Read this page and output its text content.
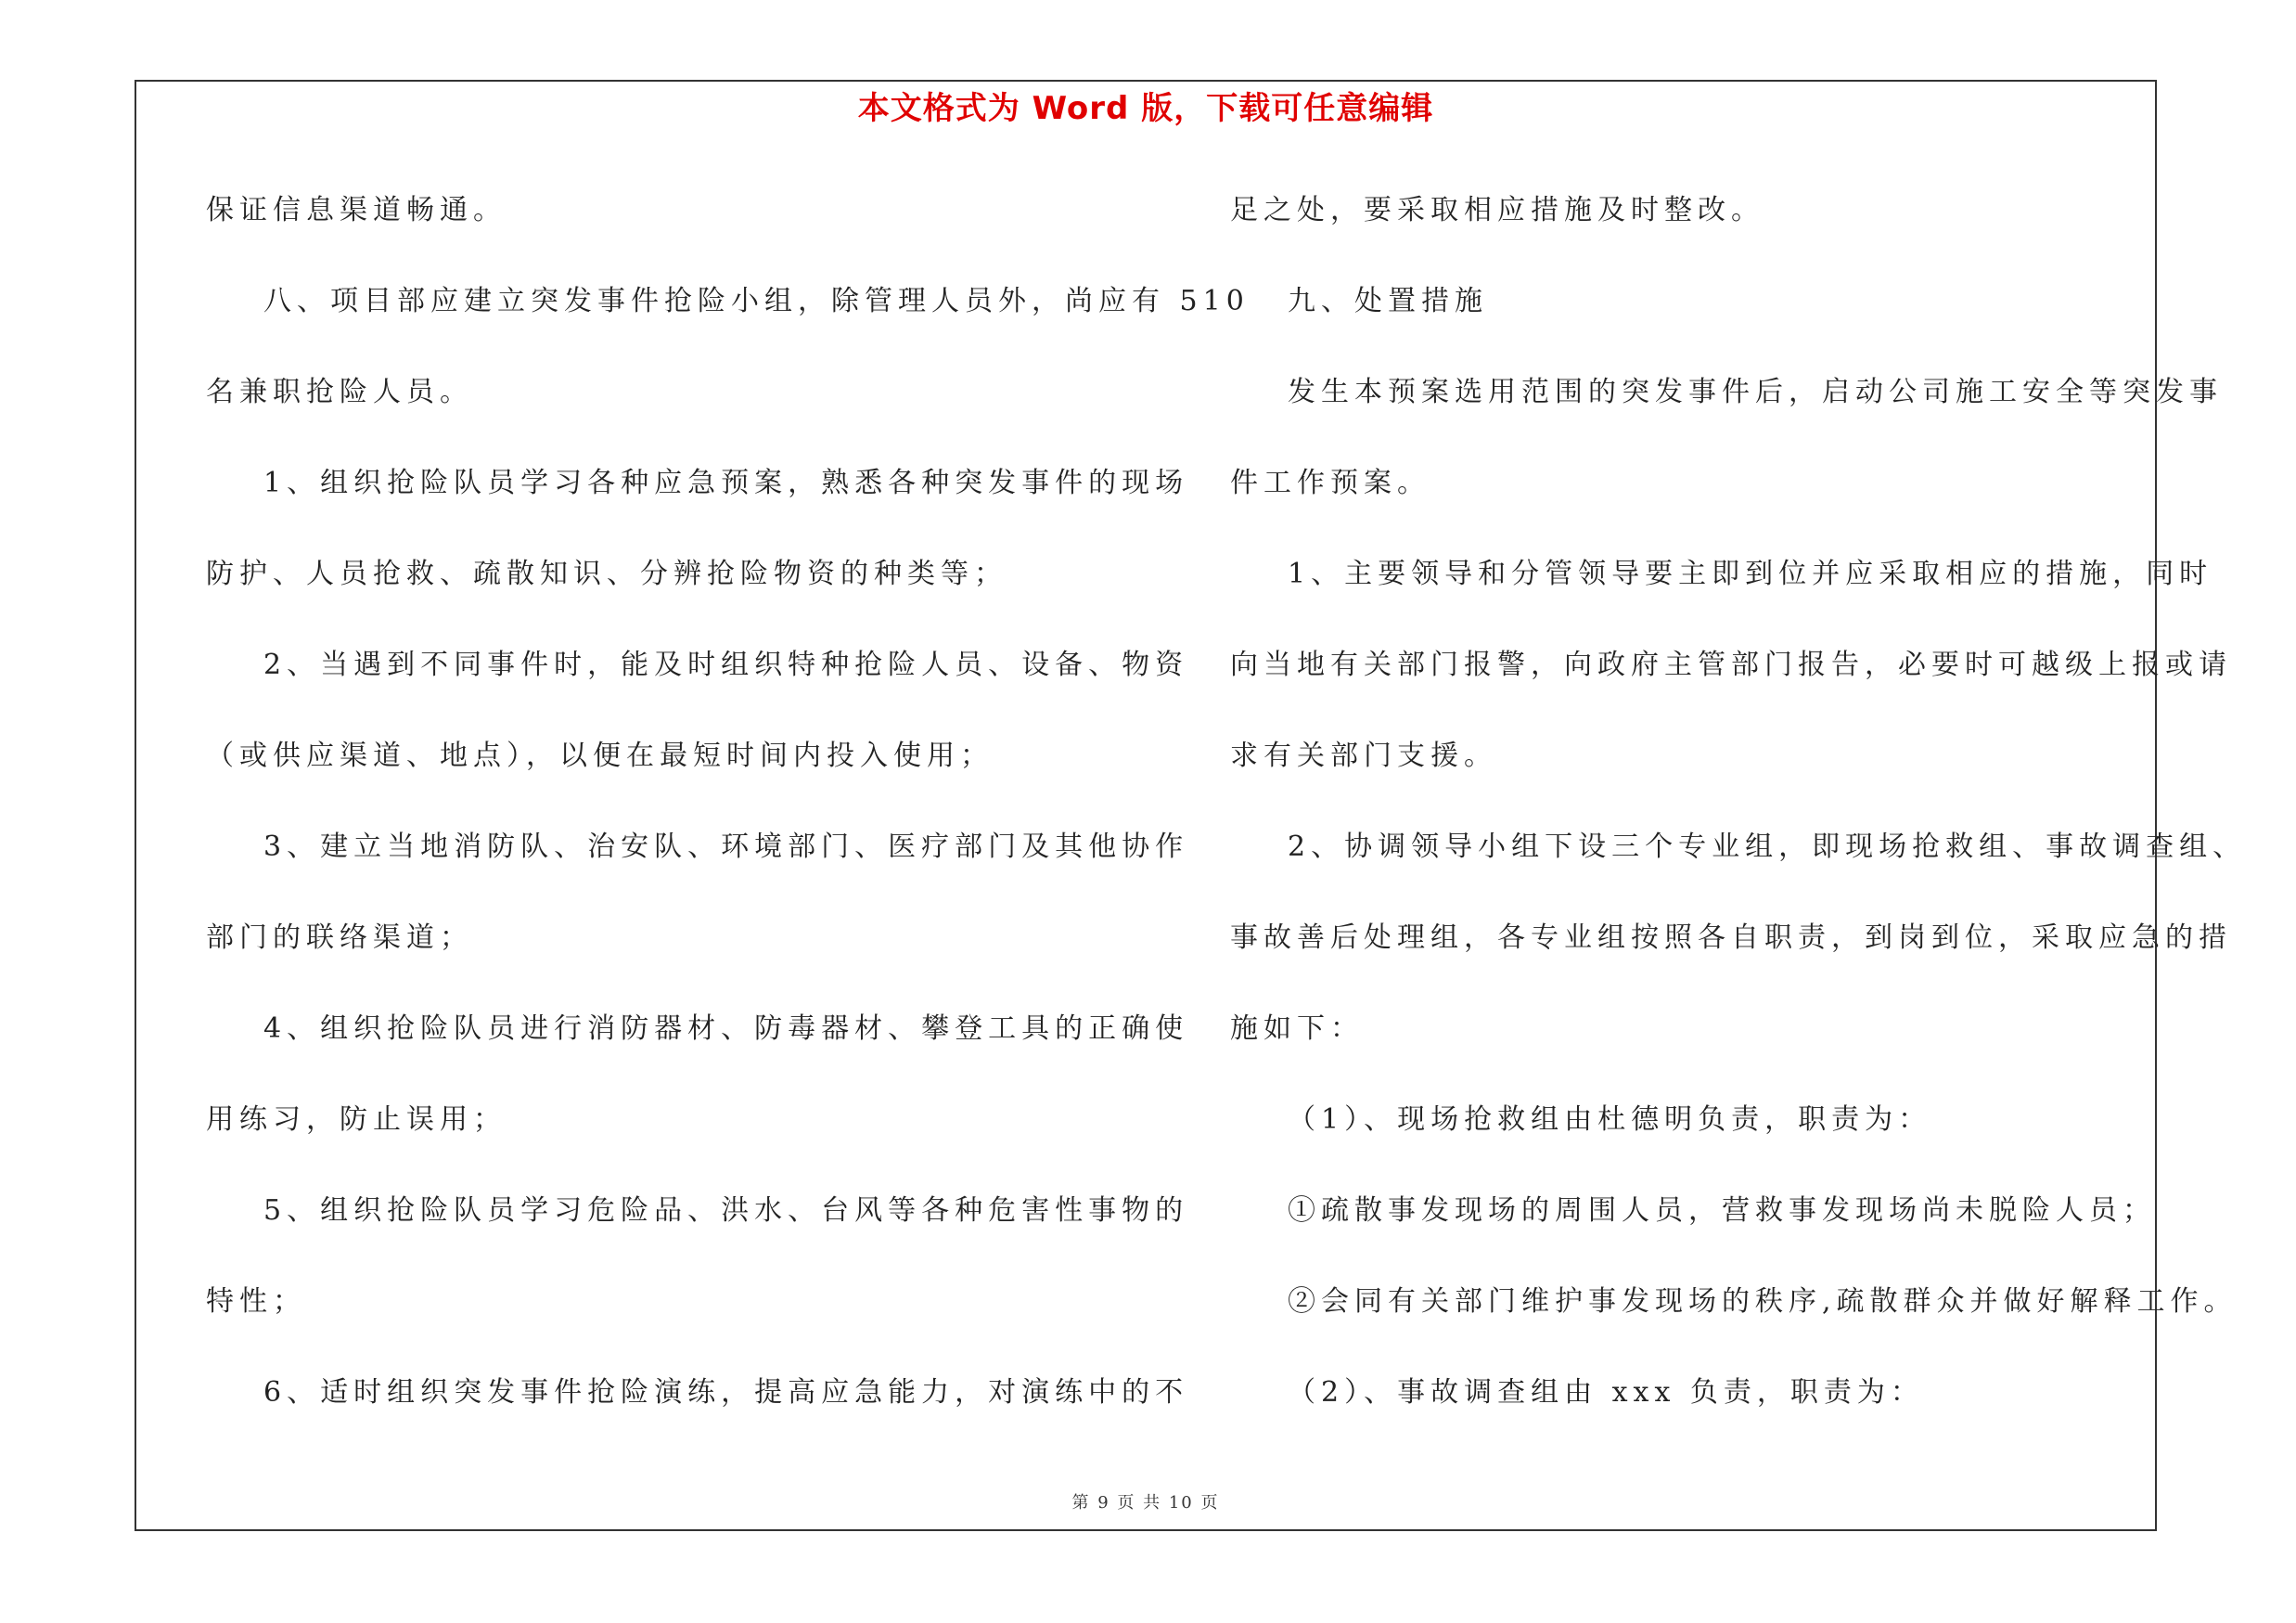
本文格式为 Word 版，下载可任意编辑
保证信息渠道畅通。
八、项目部应建立突发事件抢险小组，除管理人员外，尚应有 510
名兼职抢险人员。
1、组织抢险队员学习各种应急预案，熟悉各种突发事件的现场
防护、人员抢救、疏散知识、分辨抢险物资的种类等；
2、当遇到不同事件时，能及时组织特种抢险人员、设备、物资
（或供应渠道、地点），以便在最短时间内投入使用；
3、建立当地消防队、治安队、环境部门、医疗部门及其他协作
部门的联络渠道；
4、组织抢险队员进行消防器材、防毒器材、攀登工具的正确使
用练习，防止误用；
5、组织抢险队员学习危险品、洪水、台风等各种危害性事物的
特性；
6、适时组织突发事件抢险演练，提高应急能力，对演练中的不
足之处，要采取相应措施及时整改。
九、处置措施
发生本预案选用范围的突发事件后，启动公司施工安全等突发事
件工作预案。
1、主要领导和分管领导要主即到位并应采取相应的措施，同时
向当地有关部门报警，向政府主管部门报告，必要时可越级上报或请
求有关部门支援。
2、协调领导小组下设三个专业组，即现场抢救组、事故调查组、
事故善后处理组，各专业组按照各自职责，到岗到位，采取应急的措
施如下：
（1）、现场抢救组由杜德明负责，职责为：
①疏散事发现场的周围人员，营救事发现场尚未脱险人员；
②会同有关部门维护事发现场的秩序,疏散群众并做好解释工作。
（2）、事故调查组由 xxx 负责，职责为：
第 9 页 共 10 页
